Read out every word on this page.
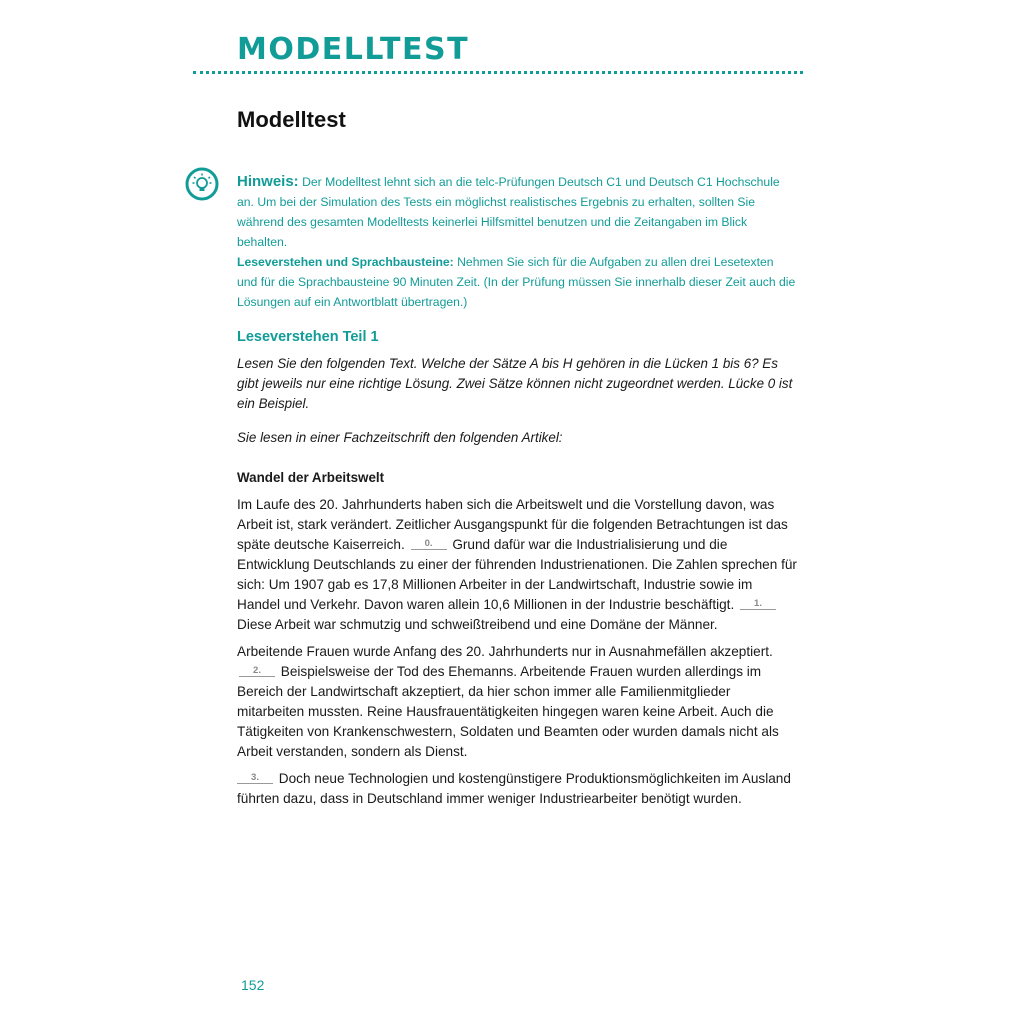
MODELLTEST
Modelltest

Hinweis: Der Modelltest lehnt sich an die telc-Prüfungen Deutsch C1 und Deutsch C1 Hochschule an. Um bei der Simulation des Tests ein möglichst realistisches Ergebnis zu erhalten, sollten Sie während des gesamten Modelltests keinerlei Hilfsmittel benutzen und die Zeitangaben im Blick behalten.

Leseverstehen und Sprachbausteine: Nehmen Sie sich für die Aufgaben zu allen drei Lesetexten und für die Sprachbausteine 90 Minuten Zeit. (In der Prüfung müssen Sie innerhalb dieser Zeit auch die Lösungen auf ein Antwortblatt übertragen.)

Leseverstehen Teil 1

Lesen Sie den folgenden Text. Welche der Sätze A bis H gehören in die Lücken 1 bis 6? Es gibt jeweils nur eine richtige Lösung. Zwei Sätze können nicht zugeordnet werden. Lücke 0 ist ein Beispiel.

Sie lesen in einer Fachzeitschrift den folgenden Artikel:

Wandel der Arbeitswelt

Im Laufe des 20. Jahrhunderts haben sich die Arbeitswelt und die Vorstellung davon, was Arbeit ist, stark verändert. Zeitlicher Ausgangspunkt für die folgenden Betrachtungen ist das späte deutsche Kaiserreich. 0. Grund dafür war die Industrialisierung und die Entwicklung Deutschlands zu einer der führenden Industrienationen. Die Zahlen sprechen für sich: Um 1907 gab es 17,8 Millionen Arbeiter in der Landwirtschaft, Industrie sowie im Handel und Verkehr. Davon waren allein 10,6 Millionen in der Industrie beschäftigt. 1. Diese Arbeit war schmutzig und schweißtreibend und eine Domäne der Männer.

Arbeitende Frauen wurde Anfang des 20. Jahrhunderts nur in Ausnahmefällen akzeptiert. 2. Beispielsweise der Tod des Ehemanns. Arbeitende Frauen wurden allerdings im Bereich der Landwirtschaft akzeptiert, da hier schon immer alle Familienmitglieder mitarbeiten mussten. Reine Hausfrauentätigkeiten hingegen waren keine Arbeit. Auch die Tätigkeiten von Krankenschwestern, Soldaten und Beamten oder wurden damals nicht als Arbeit verstanden, sondern als Dienst.

3. Doch neue Technologien und kostengünstigere Produktionsmöglichkeiten im Ausland führten dazu, dass in Deutschland immer weniger Industriearbeiter benötigt wurden.

152
